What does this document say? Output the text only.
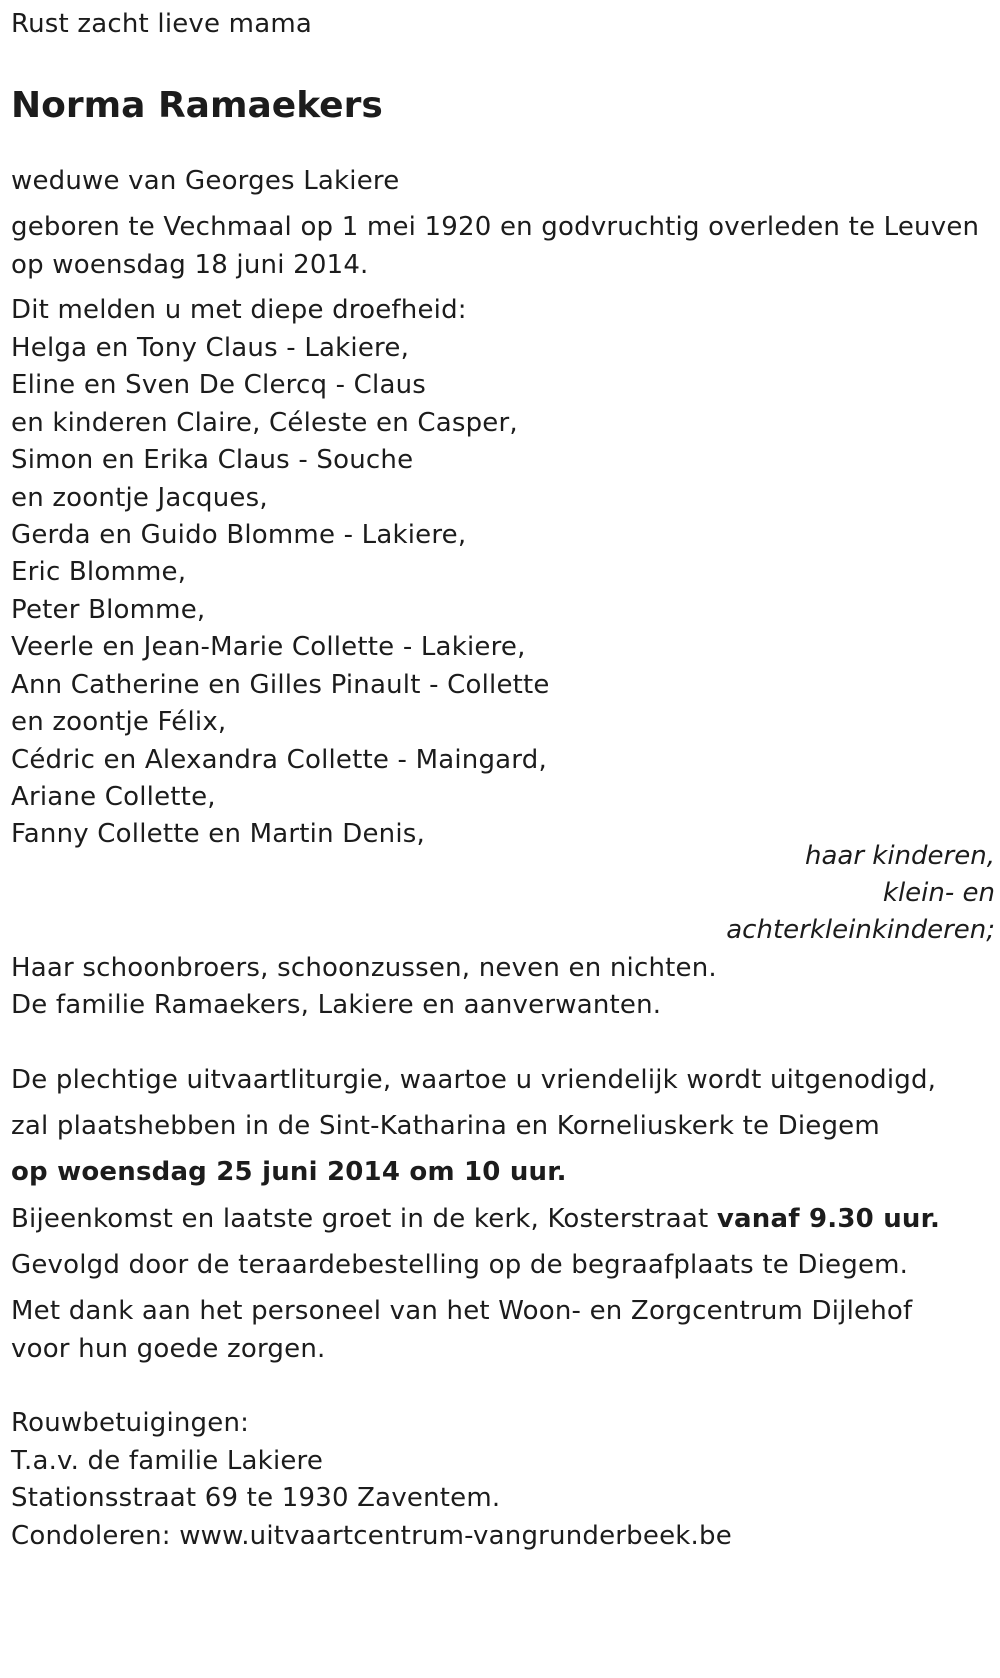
Rust zacht lieve mama
Norma Ramaekers
weduwe van Georges Lakiere
geboren te Vechmaal op 1 mei 1920 en godvruchtig overleden te Leuven
op woensdag 18 juni 2014.
Dit melden u met diepe droefheid:
Helga en Tony Claus - Lakiere,
Eline en Sven De Clercq - Claus
en kinderen Claire, Céleste en Casper,
Simon en Erika Claus - Souche
en zoontje Jacques,
Gerda en Guido Blomme - Lakiere,
Eric Blomme,
Peter Blomme,
Veerle en Jean-Marie Collette - Lakiere,
Ann Catherine en Gilles Pinault - Collette
en zoontje Félix,
Cédric en Alexandra Collette - Maingard,
Ariane Collette,
Fanny Collette en Martin Denis,
haar kinderen,
klein- en
achterkleinkinderen;
Haar schoonbroers, schoonzussen, neven en nichten.
De familie Ramaekers, Lakiere en aanverwanten.
De plechtige uitvaartliturgie, waartoe u vriendelijk wordt uitgenodigd,
zal plaatshebben in de Sint-Katharina en Korneliuskerk te Diegem
op woensdag 25 juni 2014 om 10 uur.
Bijeenkomst en laatste groet in de kerk, Kosterstraat vanaf 9.30 uur.
Gevolgd door de teraardebestelling op de begraafplaats te Diegem.
Met dank aan het personeel van het Woon- en Zorgcentrum Dijlehof
voor hun goede zorgen.
Rouwbetuigingen:
T.a.v. de familie Lakiere
Stationsstraat 69 te 1930 Zaventem.
Condoleren: www.uitvaartcentrum-vangrunderbeek.be
